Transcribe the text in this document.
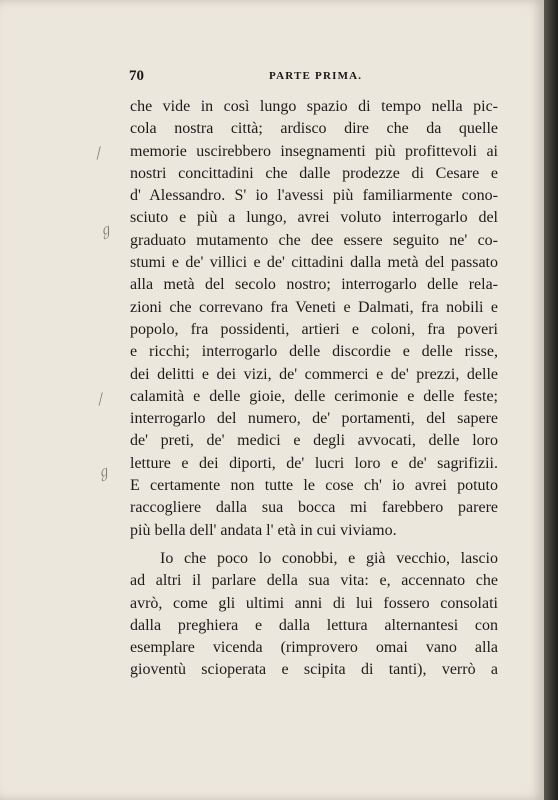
70	PARTE PRIMA.
che vide in così lungo spazio di tempo nella pic-
cola nostra città; ardisco dire che da quelle
memorie uscirebbero insegnamenti più profittevoli ai
nostri concittadini che dalle prodezze di Cesare e
d' Alessandro. S' io l'avessi più familiarmente cono-
sciuto e più a lungo, avrei voluto interrogarlo del
graduato mutamento che dee essere seguito ne' co-
stumi e de' villici e de' cittadini dalla metà del passato
alla metà del secolo nostro; interrogarlo delle rela-
zioni che correvano fra Veneti e Dalmati, fra nobili e
popolo, fra possidenti, artieri e coloni, fra poveri
e ricchi; interrogarlo delle discordie e delle risse,
dei delitti e dei vizi, de' commerci e de' prezzi, delle
calamità e delle gioie, delle cerimonie e delle feste;
interrogarlo del numero, de' portamenti, del sapere
de' preti, de' medici e degli avvocati, delle loro
letture e dei diporti, de' lucri loro e de' sagrifizii.
E certamente non tutte le cose ch' io avrei potuto
raccogliere dalla sua bocca mi farebbero parere
più bella dell' andata l' età in cui viviamo.
Io che poco lo conobbi, e già vecchio, lascio
ad altri il parlare della sua vita: e, accennato che
avrò, come gli ultimi anni di lui fossero consolati
dalla preghiera e dalla lettura alternantesi con
esemplare vicenda (rimprovero omai vano alla
gioventù scioperata e scipita di tanti), verrò a
⁄
ℊ
⁄
ℊ
